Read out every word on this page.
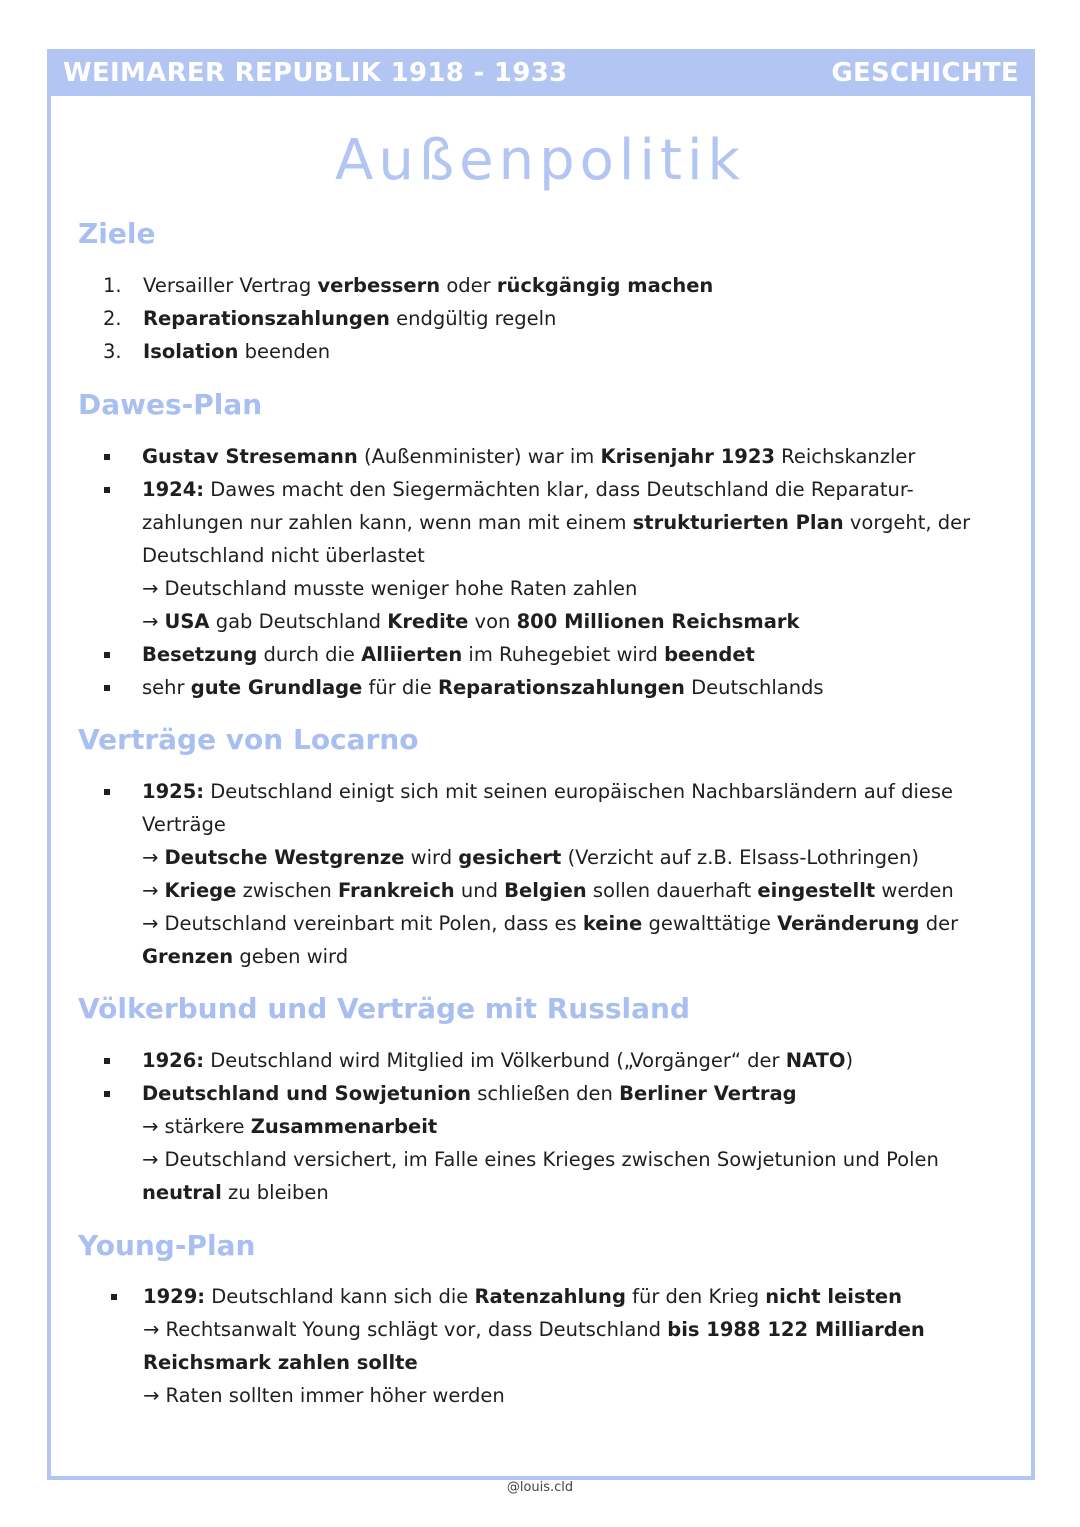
WEIMARER REPUBLIK 1918 - 1933	GESCHICHTE
Außenpolitik
Ziele
1. Versailler Vertrag verbessern oder rückgängig machen
2. Reparationszahlungen endgültig regeln
3. Isolation beenden
Dawes-Plan
Gustav Stresemann (Außenminister) war im Krisenjahr 1923 Reichskanzler
1924: Dawes macht den Siegermächten klar, dass Deutschland die Reparatur-
zahlungen nur zahlen kann, wenn man mit einem strukturierten Plan vorgeht, der
Deutschland nicht überlastet
→ Deutschland musste weniger hohe Raten zahlen
→ USA gab Deutschland Kredite von 800 Millionen Reichsmark
Besetzung durch die Alliierten im Ruhegebiet wird beendet
sehr gute Grundlage für die Reparationszahlungen Deutschlands
Verträge von Locarno
1925: Deutschland einigt sich mit seinen europäischen Nachbarsländern auf diese
Verträge
→ Deutsche Westgrenze wird gesichert (Verzicht auf z.B. Elsass-Lothringen)
→ Kriege zwischen Frankreich und Belgien sollen dauerhaft eingestellt werden
→ Deutschland vereinbart mit Polen, dass es keine gewalttätige Veränderung der
Grenzen geben wird
Völkerbund und Verträge mit Russland
1926: Deutschland wird Mitglied im Völkerbund („Vorgänger“ der NATO)
Deutschland und Sowjetunion schließen den Berliner Vertrag
→ stärkere Zusammenarbeit
→ Deutschland versichert, im Falle eines Krieges zwischen Sowjetunion und Polen
neutral zu bleiben
Young-Plan
1929: Deutschland kann sich die Ratenzahlung für den Krieg nicht leisten
→ Rechtsanwalt Young schlägt vor, dass Deutschland bis 1988 122 Milliarden
Reichsmark zahlen sollte
→ Raten sollten immer höher werden
@louis.cld
